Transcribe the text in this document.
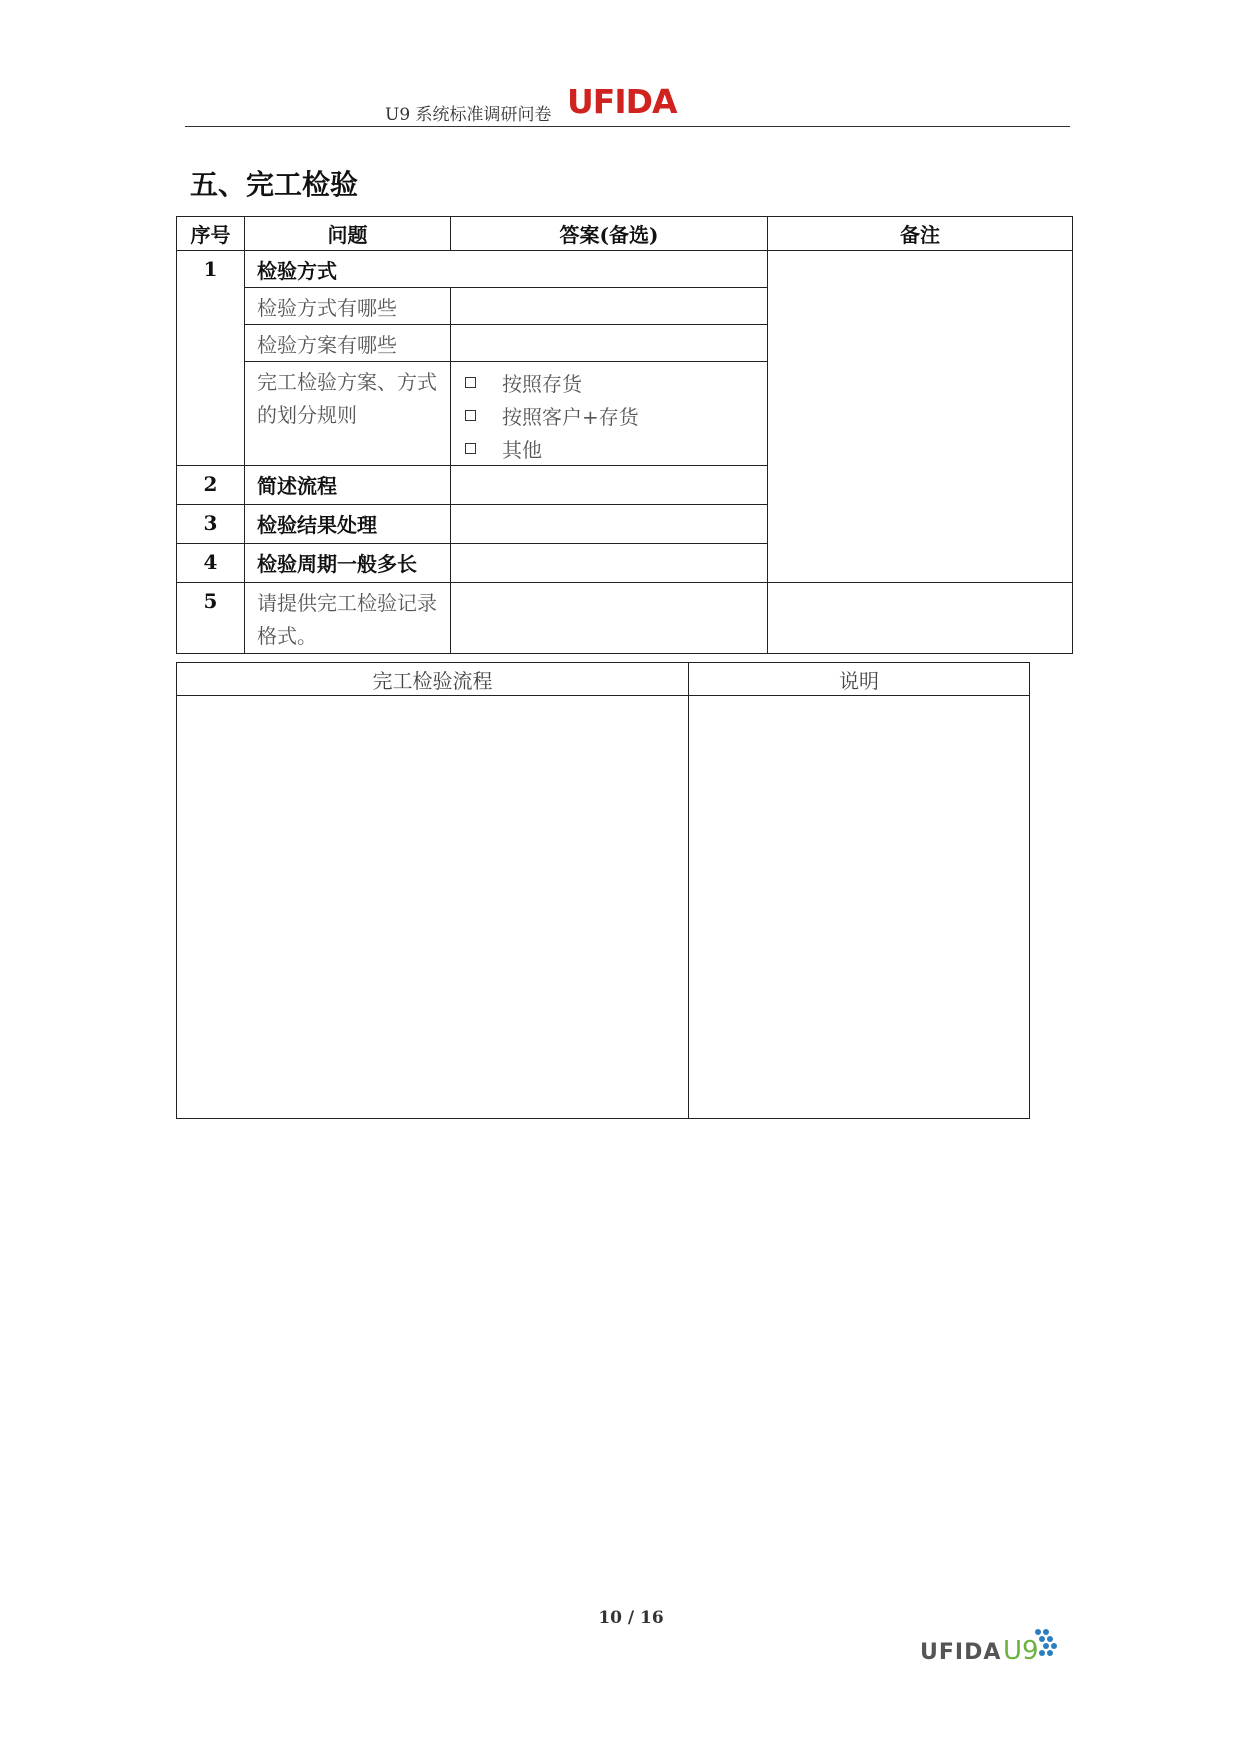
U9 系统标准调研问卷 UFIDA
五、完工检验
序号	问题	答案(备选)	备注
1	检验方式		
	检验方式有哪些		
	检验方案有哪些		
	完工检验方案、方式的划分规则	按照存货
按照客户+存货
其他	

2	简述流程		
3	检验结果处理		
4	检验周期一般多长		
5	请提供完工检验记录格式。		
完工检验流程	说明

10 / 16
UFIDA U9
